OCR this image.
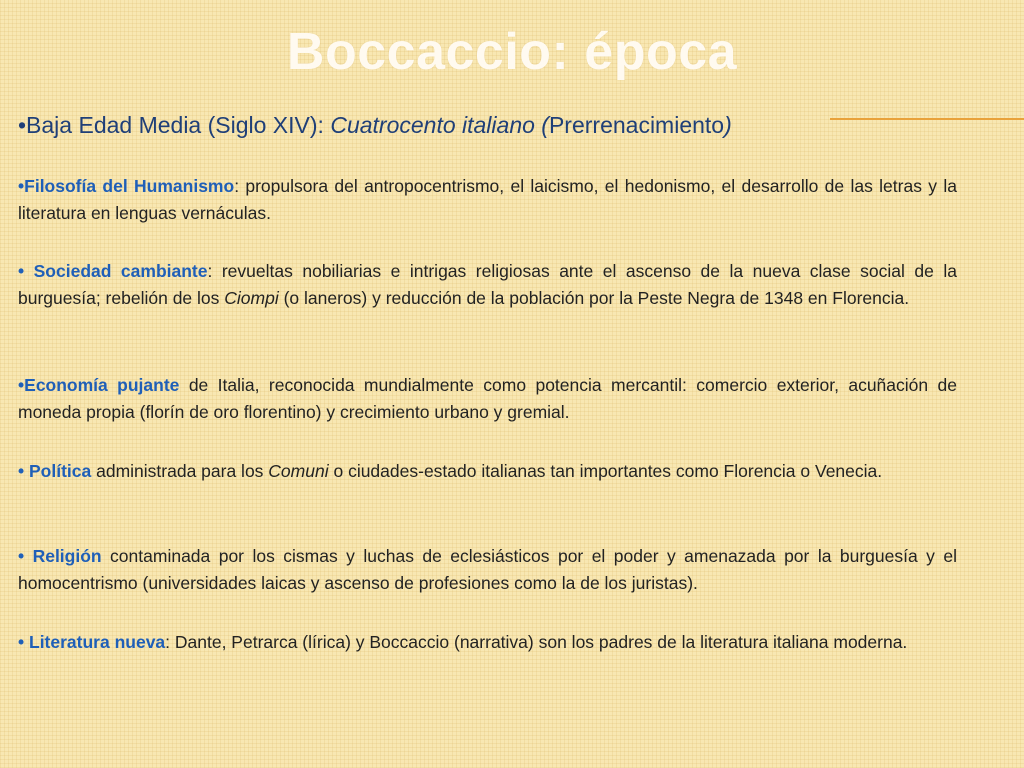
Boccaccio: época
•Baja Edad Media (Siglo XIV): Cuatrocento italiano (Prerrenacimiento)

•Filosofía del Humanismo: propulsora del antropocentrismo, el laicismo, el hedonismo, el desarrollo de las letras y la literatura en lenguas vernáculas.

• Sociedad cambiante: revueltas nobiliarias e intrigas religiosas ante el ascenso de la nueva clase social de la burguesía; rebelión de los Ciompi (o laneros) y reducción de la población por la Peste Negra de 1348 en Florencia.

•Economía pujante de Italia, reconocida mundialmente como potencia mercantil: comercio exterior, acuñación de moneda propia (florín de oro florentino) y crecimiento urbano y gremial.

• Política administrada para los Comuni o ciudades-estado italianas tan importantes como Florencia o Venecia.

• Religión contaminada por los cismas y luchas de eclesiásticos por el poder y amenazada por la burguesía y el homocentrismo (universidades laicas y ascenso de profesiones como la de los juristas).

• Literatura nueva: Dante, Petrarca (lírica) y Boccaccio (narrativa) son los padres de la literatura italiana moderna.
